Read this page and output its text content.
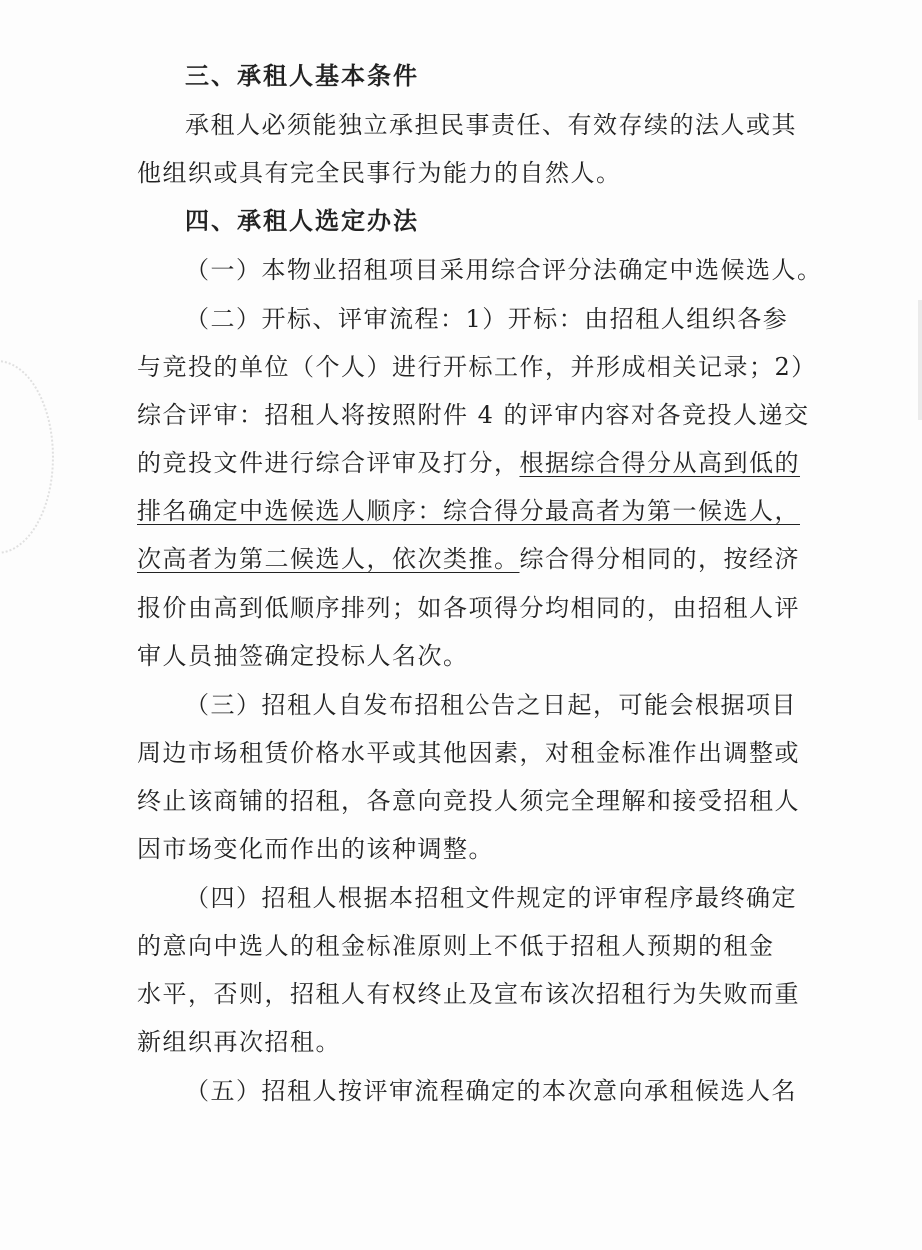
三、承租人基本条件
承租人必须能独立承担民事责任、有效存续的法人或其
他组织或具有完全民事行为能力的自然人。
四、承租人选定办法
（一）本物业招租项目采用综合评分法确定中选候选人。
（二）开标、评审流程：1）开标：由招租人组织各参
与竞投的单位（个人）进行开标工作，并形成相关记录；2）
综合评审：招租人将按照附件 4 的评审内容对各竞投人递交
的竞投文件进行综合评审及打分，根据综合得分从高到低的
排名确定中选候选人顺序：综合得分最高者为第一候选人，
次高者为第二候选人，依次类推。综合得分相同的，按经济
报价由高到低顺序排列；如各项得分均相同的，由招租人评
审人员抽签确定投标人名次。
（三）招租人自发布招租公告之日起，可能会根据项目
周边市场租赁价格水平或其他因素，对租金标准作出调整或
终止该商铺的招租，各意向竞投人须完全理解和接受招租人
因市场变化而作出的该种调整。
（四）招租人根据本招租文件规定的评审程序最终确定
的意向中选人的租金标准原则上不低于招租人预期的租金
水平，否则，招租人有权终止及宣布该次招租行为失败而重
新组织再次招租。
（五）招租人按评审流程确定的本次意向承租候选人名
